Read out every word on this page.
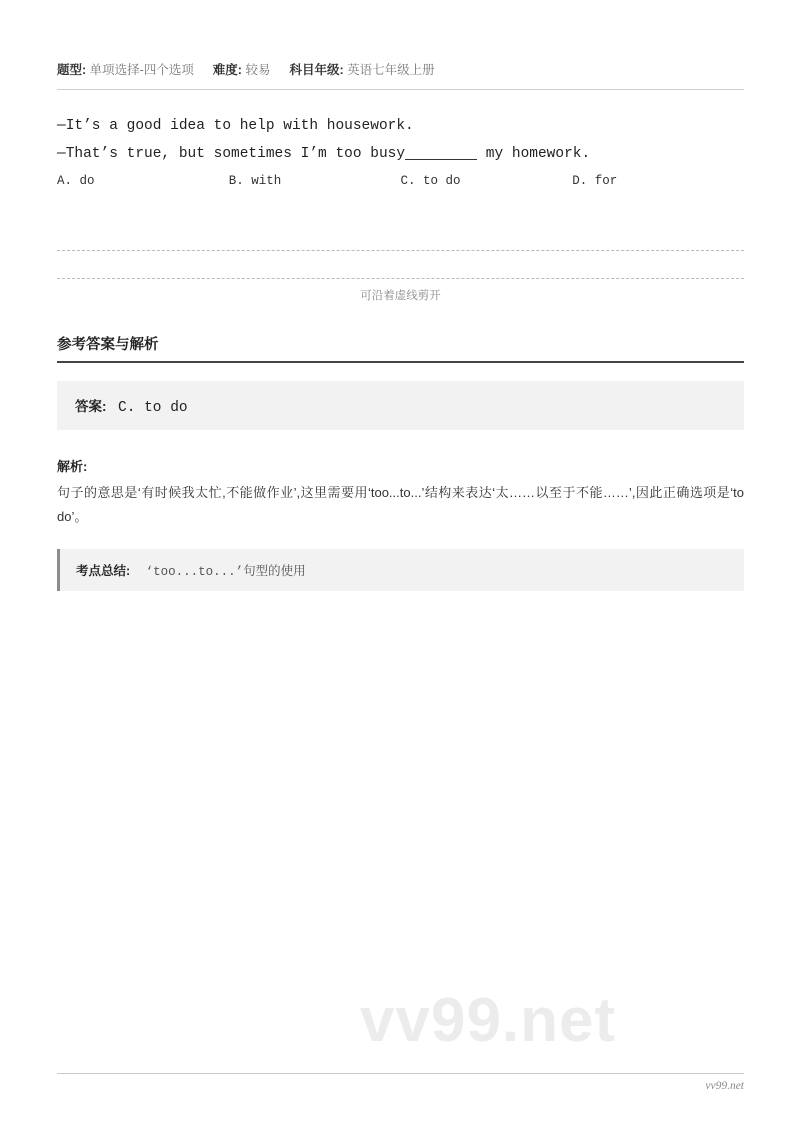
题型: 单项选择-四个选项 难度: 较易 科目年级: 英语七年级上册
—It’s a good idea to help with housework.
—That’s true, but sometimes I’m too busy	my homework.
A. do	B. with	C. to do	D. for
可沿着虚线剪开
参考答案与解析
答案: C. to do
解析:
句子的意思是‘有时候我太忙,不能做作业’,这里需要用‘too...to...’结构来表达‘太……以至于不能……’,因此正确选项是‘to do’。
考点总结: ‘too...to...’句型的使用
vv99.net
vv99.net
